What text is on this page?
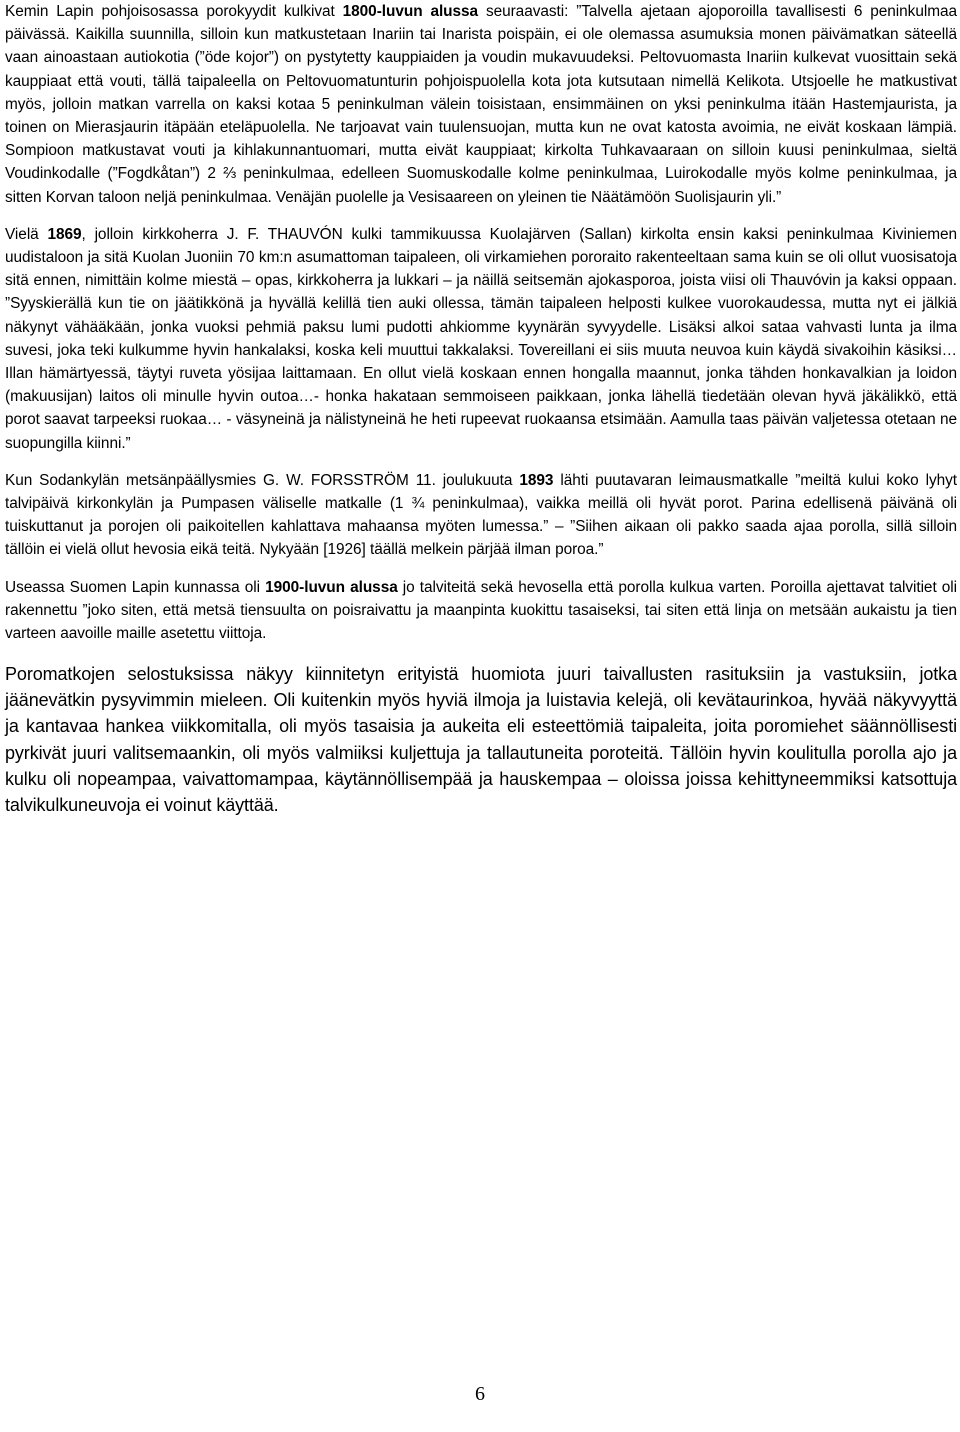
Kemin Lapin pohjoisosassa porokyydit kulkivat 1800-luvun alussa seuraavasti: ”Talvella ajetaan ajoporoilla tavallisesti 6 peninkulmaa päivässä. Kaikilla suunnilla, silloin kun matkustetaan Inariin tai Inarista poispäin, ei ole olemassa asumuksia monen päivämatkan säteellä vaan ainoastaan autiokotia (”öde kojor”) on pystytetty kauppiaiden ja voudin mukavuudeksi. Peltovuomasta Inariin kulkevat vuosittain sekä kauppiaat että vouti, tällä taipaleella on Peltovuomatunturin pohjoispuolella kota jota kutsutaan nimellä Kelikota. Utsjoelle he matkustivat myös, jolloin matkan varrella on kaksi kotaa 5 peninkulman välein toisistaan, ensimmäinen on yksi peninkulma itään Hastemjaurista, ja toinen on Mierasjaurin itäpään eteläpuolella. Ne tarjoavat vain tuulensuojan, mutta kun ne ovat katosta avoimia, ne eivät koskaan lämpiä. Sompioon matkustavat vouti ja kihlakunnantuomari, mutta eivät kauppiaat; kirkolta Tuhkavaaraan on silloin kuusi peninkulmaa, sieltä Voudinkodalle (”Fogdkåtan”) 2 ⅔ peninkulmaa, edelleen Suomuskodalle kolme peninkulmaa, Luirokodalle myös kolme peninkulmaa, ja sitten Korvan taloon neljä peninkulmaa. Venäjän puolelle ja Vesisaareen on yleinen tie Näätämöön Suolisjaurin yli.”

Vielä 1869, jolloin kirkkoherra J. F. THAUVÓN kulki tammikuussa Kuolajärven (Sallan) kirkolta ensin kaksi peninkulmaa Kiviniemen uudistaloon ja sitä Kuolan Juoniin 70 km:n asumattoman taipaleen, oli virkamiehen pororaito rakenteeltaan sama kuin se oli ollut vuosisatoja sitä ennen, nimittäin kolme miestä – opas, kirkkoherra ja lukkari – ja näillä seitsemän ajokasporoa, joista viisi oli Thauvóvin ja kaksi oppaan. ”Syyskierällä kun tie on jäätikkönä ja hyvällä kelillä tien auki ollessa, tämän taipaleen helposti kulkee vuorokaudessa, mutta nyt ei jälkiä näkynyt vähääkään, jonka vuoksi pehmiä paksu lumi pudotti ahkiomme kyynärän syvyydelle. Lisäksi alkoi sataa vahvasti lunta ja ilma suvesi, joka teki kulkumme hyvin hankalaksi, koska keli muuttui takkalaksi. Tovereillani ei siis muuta neuvoa kuin käydä sivakoihin käsiksi…Illan hämärtyessä, täytyi ruveta yösijaa laittamaan. En ollut vielä koskaan ennen hongalla maannut, jonka tähden honkavalkian ja loidon (makuusijan) laitos oli minulle hyvin outoa…- honka hakataan semmoiseen paikkaan, jonka lähellä tiedetään olevan hyvä jäkälikkö, että porot saavat tarpeeksi ruokaa… - väsyneinä ja nälistyneinä he heti rupeevat ruokaansa etsimään. Aamulla taas päivän valjetessa otetaan ne suopungilla kiinni.”

Kun Sodankylän metsänpäällysmies G. W. FORSSTRÖM 11. joulukuuta 1893 lähti puutavaran leimausmatkalle ”meiltä kului koko lyhyt talvipäivä kirkonkylän ja Pumpasen väliselle matkalle (1 ¾ peninkulmaa), vaikka meillä oli hyvät porot. Parina edellisenä päivänä oli tuiskuttanut ja porojen oli paikoitellen kahlattava mahaansa myöten lumessa.” – ”Siihen aikaan oli pakko saada ajaa porolla, sillä silloin tällöin ei vielä ollut hevosia eikä teitä. Nykyään [1926] täällä melkein pärjää ilman poroa.”

Useassa Suomen Lapin kunnassa oli 1900-luvun alussa jo talviteitä sekä hevosella että porolla kulkua varten. Poroilla ajettavat talvitiet oli rakennettu ”joko siten, että metsä tiensuulta on poisraivattu ja maanpinta kuokittu tasaiseksi, tai siten että linja on metsään aukaistu ja tien varteen aavoille maille asetettu viittoja.

Poromatkojen selostuksissa näkyy kiinnitetyn erityistä huomiota juuri taivallusten rasituksiin ja vastuksiin, jotka jäänevätkin pysyvimmin mieleen. Oli kuitenkin myös hyviä ilmoja ja luistavia kelejä, oli kevätaurinkoa, hyvää näkyvyyttä ja kantavaa hankea viikkomitalla, oli myös tasaisia ja aukeita eli esteettömiä taipaleita, joita poromiehet säännöllisesti pyrkivät juuri valitsemaankin, oli myös valmiiksi kuljettuja ja tallautuneita poroteitä. Tällöin hyvin koulitulla porolla ajo ja kulku oli nopeampaa, vaivattomampaa, käytännöllisempää ja hauskempaa – oloissa joissa kehittyneemmiksi katsottuja talvikulkuneuvoja ei voinut käyttää.

6
